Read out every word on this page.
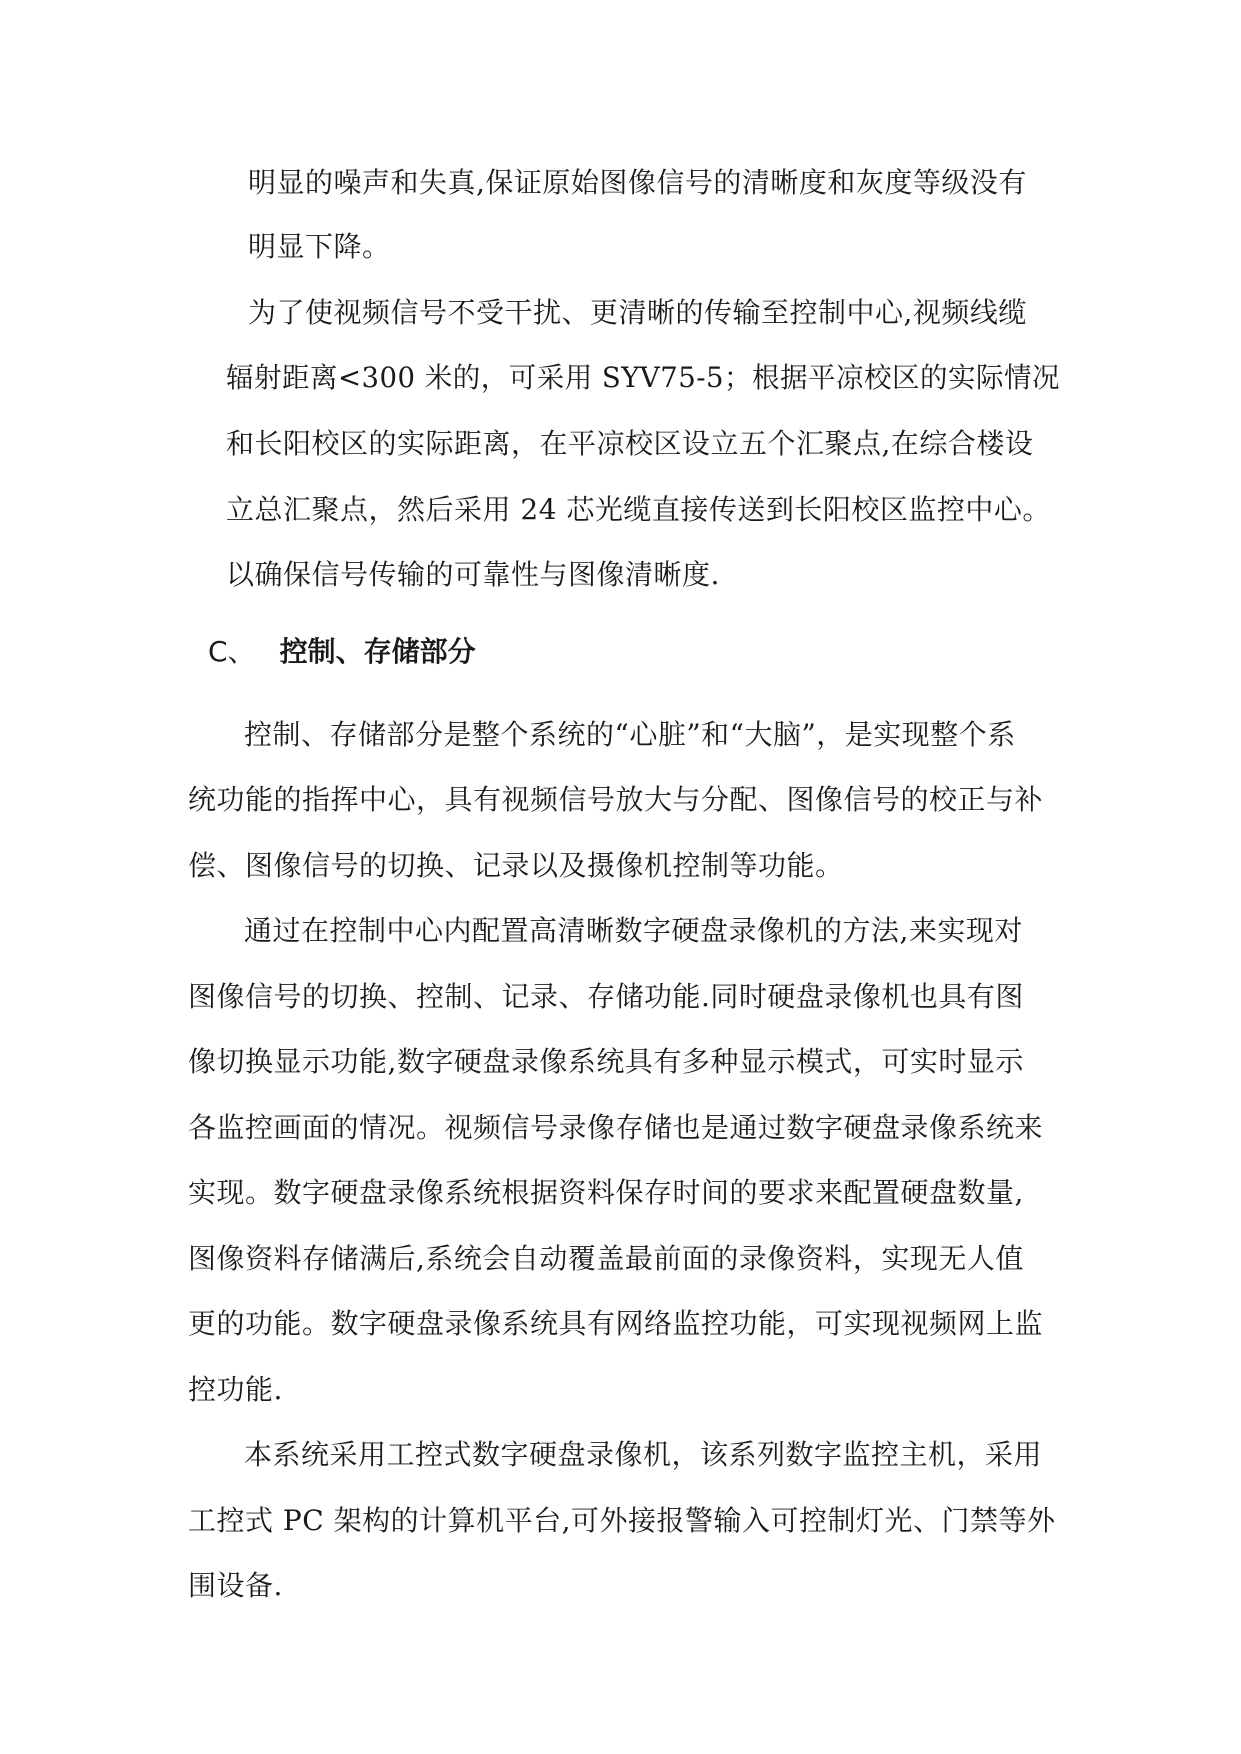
明显的噪声和失真,保证原始图像信号的清晰度和灰度等级没有
明显下降。
为了使视频信号不受干扰、更清晰的传输至控制中心,视频线缆
辐射距离<300 米的，可采用 SYV75-5；根据平凉校区的实际情况
和长阳校区的实际距离，在平凉校区设立五个汇聚点,在综合楼设
立总汇聚点，然后采用 24 芯光缆直接传送到长阳校区监控中心。
以确保信号传输的可靠性与图像清晰度.
C、 控制、存储部分
控制、存储部分是整个系统的“心脏”和“大脑”，是实现整个系
统功能的指挥中心，具有视频信号放大与分配、图像信号的校正与补
偿、图像信号的切换、记录以及摄像机控制等功能。
通过在控制中心内配置高清晰数字硬盘录像机的方法,来实现对
图像信号的切换、控制、记录、存储功能.同时硬盘录像机也具有图
像切换显示功能,数字硬盘录像系统具有多种显示模式，可实时显示
各监控画面的情况。视频信号录像存储也是通过数字硬盘录像系统来
实现。数字硬盘录像系统根据资料保存时间的要求来配置硬盘数量,
图像资料存储满后,系统会自动覆盖最前面的录像资料，实现无人值
更的功能。数字硬盘录像系统具有网络监控功能，可实现视频网上监
控功能.
本系统采用工控式数字硬盘录像机，该系列数字监控主机，采用
工控式 PC 架构的计算机平台,可外接报警输入可控制灯光、门禁等外
围设备.
